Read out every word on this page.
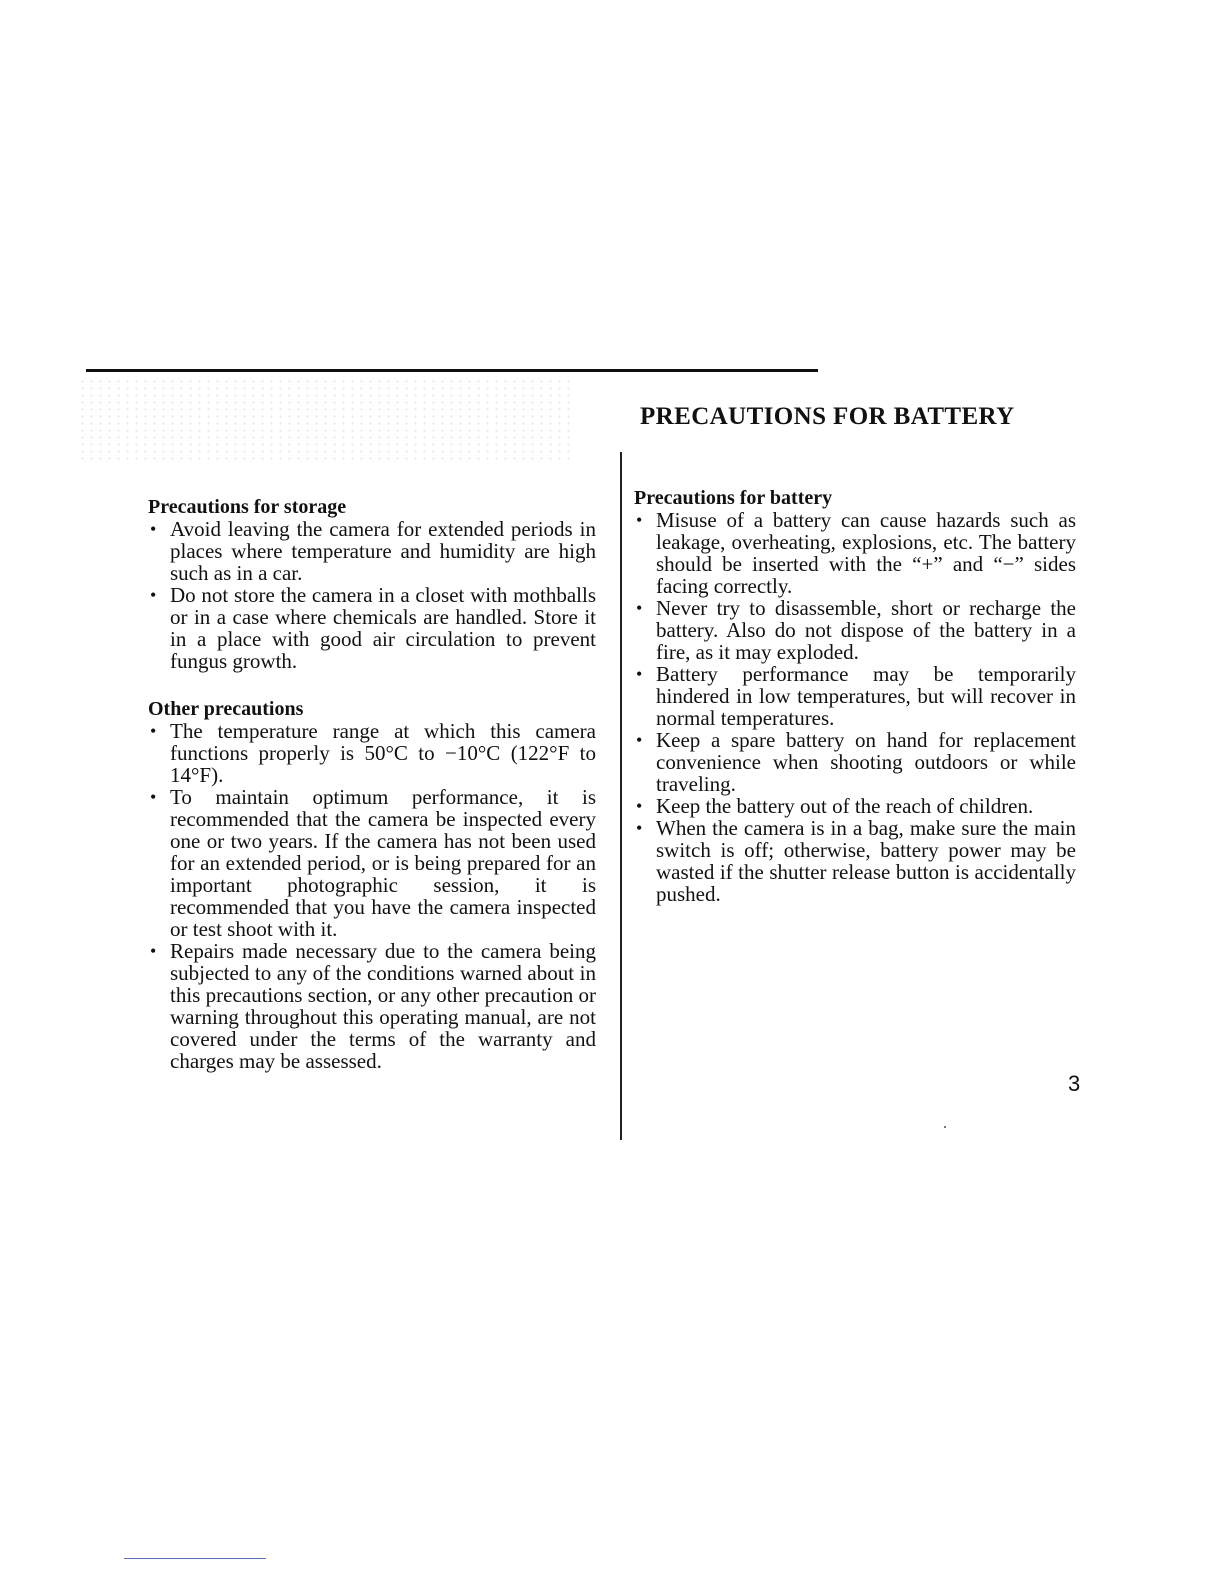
PRECAUTIONS FOR BATTERY
Precautions for storage
• Avoid leaving the camera for extended periods in places where temperature and humidity are high such as in a car.
• Do not store the camera in a closet with mothballs or in a case where chemicals are handled. Store it in a place with good air circulation to prevent fungus growth.
Other precautions
• The temperature range at which this camera functions properly is 50°C to −10°C (122°F to 14°F).
• To maintain optimum performance, it is recommended that the camera be inspected every one or two years. If the camera has not been used for an extended period, or is being prepared for an important photographic session, it is recommended that you have the camera inspected or test shoot with it.
• Repairs made necessary due to the camera being subjected to any of the conditions warned about in this precautions section, or any other precaution or warning throughout this operating manual, are not covered under the terms of the warranty and charges may be assessed.
Precautions for battery
• Misuse of a battery can cause hazards such as leakage, overheating, explosions, etc. The battery should be inserted with the “+” and “−” sides facing correctly.
• Never try to disassemble, short or recharge the battery. Also do not dispose of the battery in a fire, as it may exploded.
• Battery performance may be temporarily hindered in low temperatures, but will recover in normal temperatures.
• Keep a spare battery on hand for replacement convenience when shooting outdoors or while traveling.
• Keep the battery out of the reach of children.
• When the camera is in a bag, make sure the main switch is off; otherwise, battery power may be wasted if the shutter release button is accidentally pushed.
3
